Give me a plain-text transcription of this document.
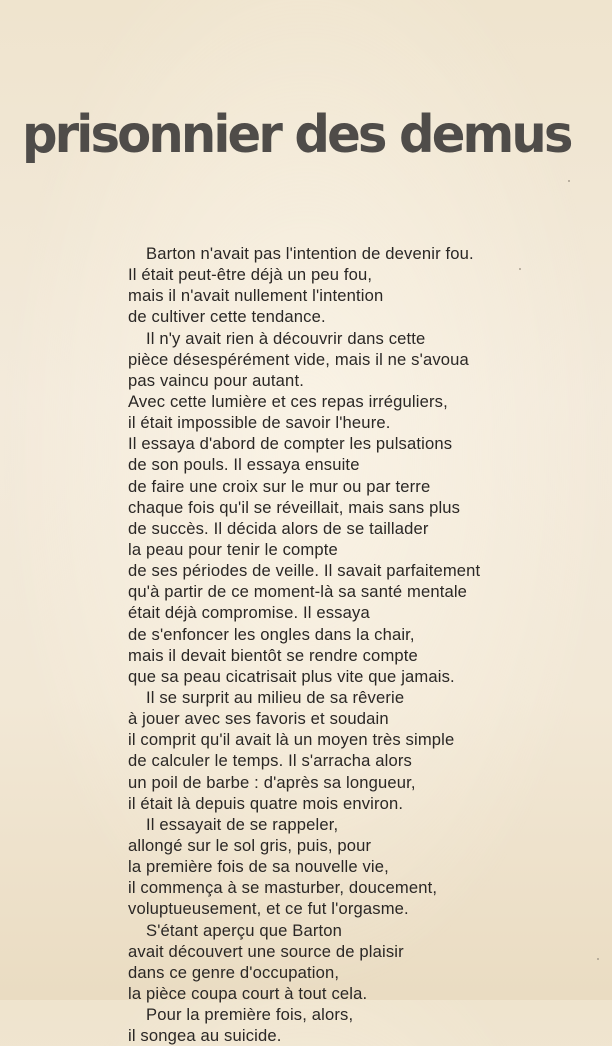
prisonnier des demus
Barton n'avait pas l'intention de devenir fou.
Il était peut-être déjà un peu fou,
mais il n'avait nullement l'intention
de cultiver cette tendance.
Il n'y avait rien à découvrir dans cette
pièce désespérément vide, mais il ne s'avoua
pas vaincu pour autant.
Avec cette lumière et ces repas irréguliers,
il était impossible de savoir l'heure.
Il essaya d'abord de compter les pulsations
de son pouls. Il essaya ensuite
de faire une croix sur le mur ou par terre
chaque fois qu'il se réveillait, mais sans plus
de succès. Il décida alors de se taillader
la peau pour tenir le compte
de ses périodes de veille. Il savait parfaitement
qu'à partir de ce moment-là sa santé mentale
était déjà compromise. Il essaya
de s'enfoncer les ongles dans la chair,
mais il devait bientôt se rendre compte
que sa peau cicatrisait plus vite que jamais.
Il se surprit au milieu de sa rêverie
à jouer avec ses favoris et soudain
il comprit qu'il avait là un moyen très simple
de calculer le temps. Il s'arracha alors
un poil de barbe : d'après sa longueur,
il était là depuis quatre mois environ.
Il essayait de se rappeler,
allongé sur le sol gris, puis, pour
la première fois de sa nouvelle vie,
il commença à se masturber, doucement,
voluptueusement, et ce fut l'orgasme.
S'étant aperçu que Barton
avait découvert une source de plaisir
dans ce genre d'occupation,
la pièce coupa court à tout cela.
Pour la première fois, alors,
il songea au suicide.
